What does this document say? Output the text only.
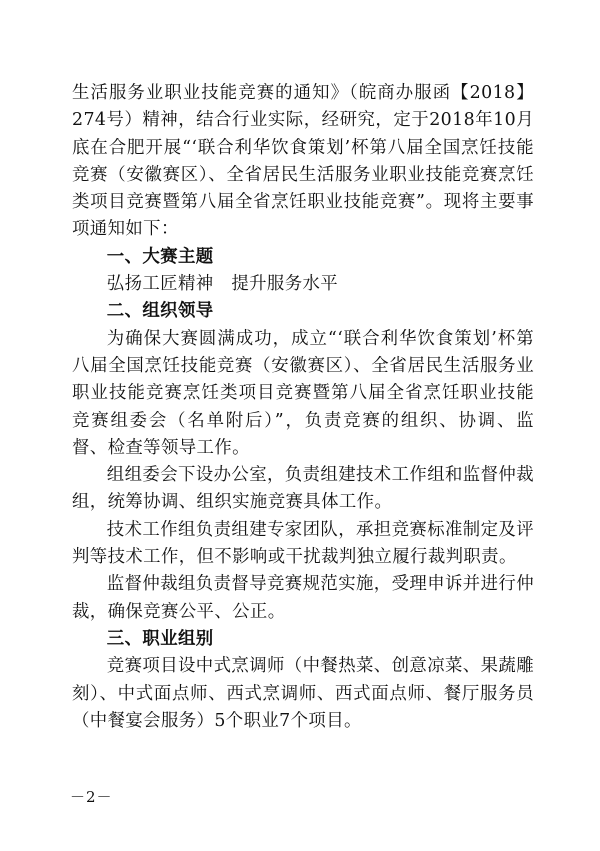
生活服务业职业技能竞赛的通知》（皖商办服函【2018】274号）精神，结合行业实际，经研究，定于2018年10月底在合肥开展“‘联合利华饮食策划’杯第八届全国烹饪技能竞赛（安徽赛区）、全省居民生活服务业职业技能竞赛烹饪类项目竞赛暨第八届全省烹饪职业技能竞赛”。现将主要事项通知如下：

一、大赛主题

弘扬工匠精神　提升服务水平

二、组织领导

为确保大赛圆满成功，成立“‘联合利华饮食策划’杯第八届全国烹饪技能竞赛（安徽赛区）、全省居民生活服务业职业技能竞赛烹饪类项目竞赛暨第八届全省烹饪职业技能竞赛组委会（名单附后）”，负责竞赛的组织、协调、监督、检查等领导工作。

组组委会下设办公室，负责组建技术工作组和监督仲裁组，统筹协调、组织实施竞赛具体工作。

技术工作组负责组建专家团队，承担竞赛标准制定及评判等技术工作，但不影响或干扰裁判独立履行裁判职责。

监督仲裁组负责督导竞赛规范实施，受理申诉并进行仲裁，确保竞赛公平、公正。

三、职业组别

竞赛项目设中式烹调师（中餐热菜、创意凉菜、果蔬雕刻）、中式面点师、西式烹调师、西式面点师、餐厅服务员（中餐宴会服务）5个职业7个项目。

－2－
